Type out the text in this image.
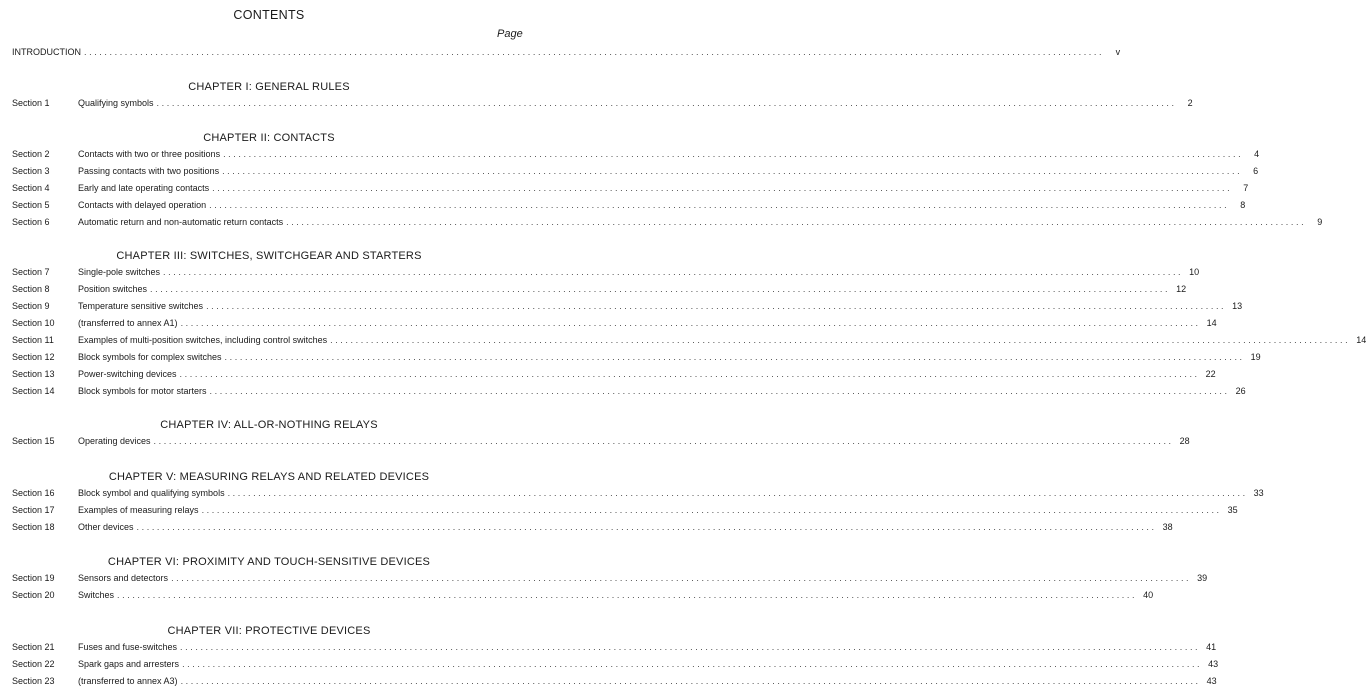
CONTENTS
Page
INTRODUCTION ........................................................................................................................................................................................................	v
CHAPTER I: GENERAL RULES
Section 1	Qualifying symbols ........................................................................................................................................................................................................	2
CHAPTER II: CONTACTS
Section 2	Contacts with two or three positions ........................................................................................................................................................................................................	4
Section 3	Passing contacts with two positions ........................................................................................................................................................................................................	6
Section 4	Early and late operating contacts ........................................................................................................................................................................................................	7
Section 5	Contacts with delayed operation ........................................................................................................................................................................................................	8
Section 6	Automatic return and non-automatic return contacts ........................................................................................................................................................................................................	9
CHAPTER III: SWITCHES, SWITCHGEAR AND STARTERS
Section 7	Single-pole switches ........................................................................................................................................................................................................ 10
Section 8	Position switches ........................................................................................................................................................................................................ 12
Section 9	Temperature sensitive switches ........................................................................................................................................................................................................ 13
Section 10	(transferred to annex A1) ........................................................................................................................................................................................................ 14
Section 11	Examples of multi-position switches, including control switches ........................................................................................................................................................................................................ 14
Section 12	Block symbols for complex switches ........................................................................................................................................................................................................ 19
Section 13	Power-switching devices ........................................................................................................................................................................................................ 22
Section 14	Block symbols for motor starters ........................................................................................................................................................................................................ 26
CHAPTER IV: ALL-OR-NOTHING RELAYS
Section 15	Operating devices ........................................................................................................................................................................................................ 28
CHAPTER V: MEASURING RELAYS AND RELATED DEVICES
Section 16	Block symbol and qualifying symbols ........................................................................................................................................................................................................ 33
Section 17	Examples of measuring relays ........................................................................................................................................................................................................ 35
Section 18	Other devices ........................................................................................................................................................................................................ 38
CHAPTER VI: PROXIMITY AND TOUCH-SENSITIVE DEVICES
Section 19	Sensors and detectors ........................................................................................................................................................................................................ 39
Section 20	Switches ........................................................................................................................................................................................................ 40
CHAPTER VII: PROTECTIVE DEVICES
Section 21	Fuses and fuse-switches ........................................................................................................................................................................................................ 41
Section 22	Spark gaps and arresters ........................................................................................................................................................................................................ 43
Section 23	(transferred to annex A3) ........................................................................................................................................................................................................ 43
